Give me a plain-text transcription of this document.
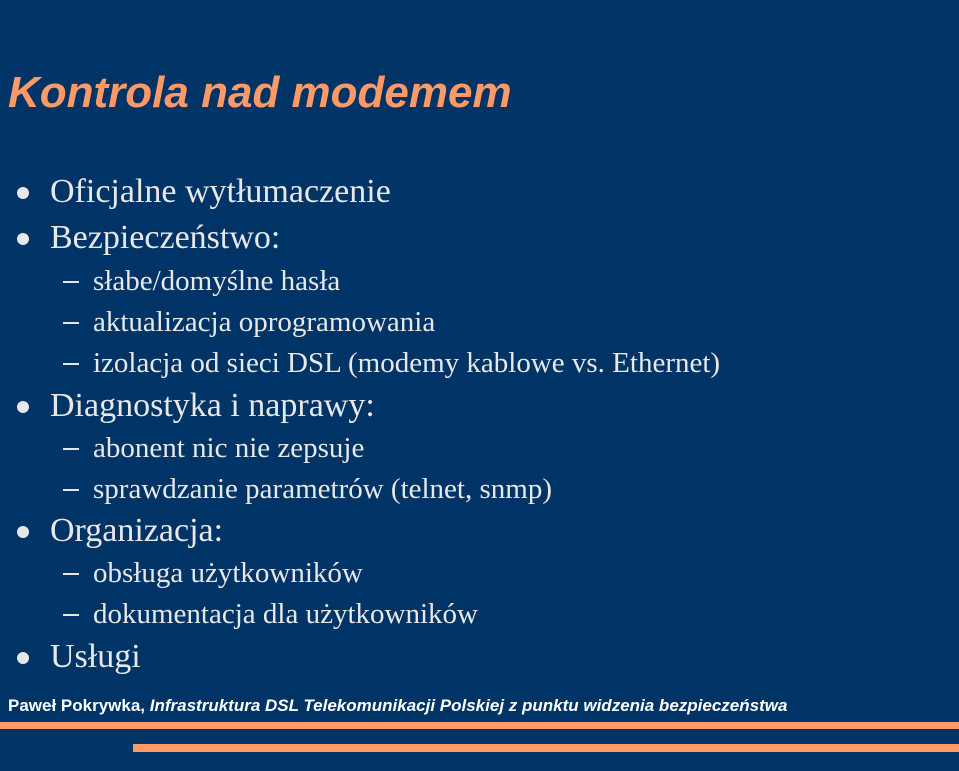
Kontrola nad modemem
Oficjalne wytłumaczenie
Bezpieczeństwo:
słabe/domyślne hasła
aktualizacja oprogramowania
izolacja od sieci DSL (modemy kablowe vs. Ethernet)
Diagnostyka i naprawy:
abonent nic nie zepsuje
sprawdzanie parametrów (telnet, snmp)
Organizacja:
obsługa użytkowników
dokumentacja dla użytkowników
Usługi
Paweł Pokrywka, Infrastruktura DSL Telekomunikacji Polskiej z punktu widzenia bezpieczeństwa
